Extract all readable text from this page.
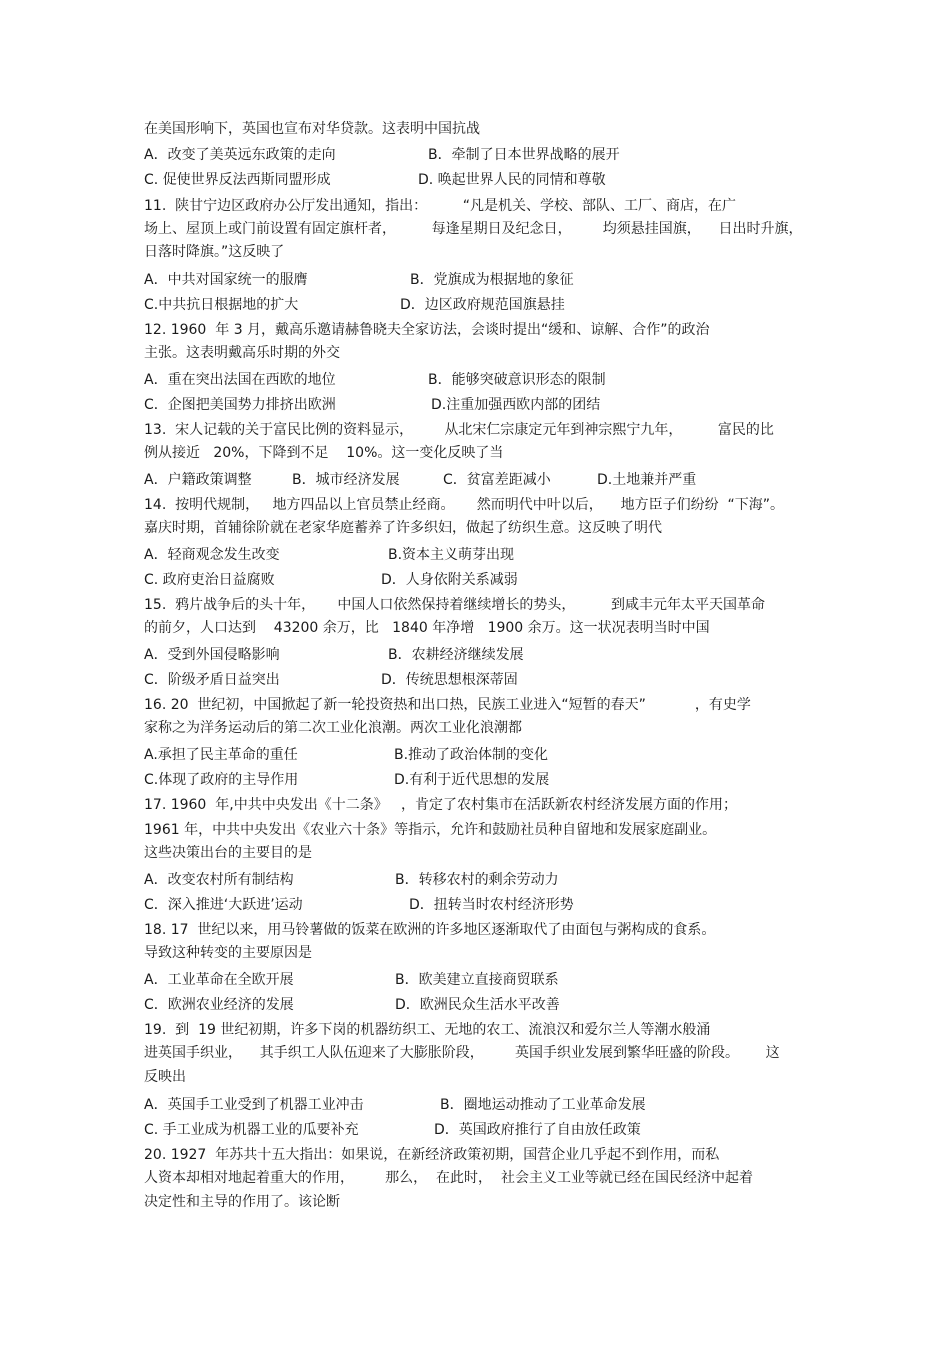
在美国形响下，英国也宣布对华贷款。这表明中国抗战

A．改变了美英远东政策的走向	B．牵制了日本世界战略的展开
C. 促使世界反法西斯同盟形成	D. 唤起世界人民的同情和尊敬

11.  陕甘宁边区政府办公厅发出通知，指出：        “凡是机关、学校、部队、工厂、商店，在广

场上、屋顶上或门前设置有固定旗杆者，        每逢星期日及纪念日，       均须悬挂国旗，    日出时升旗，

日落时降旗。”这反映了

A．中共对国家统一的服膺	B．党旗成为根据地的象征
C.中共抗日根据地的扩大	D．边区政府规范国旗悬挂

12. 1960  年 3 月，戴高乐邀请赫鲁晓夫全家访法，会谈时提出“缓和、谅解、合作”的政治

主张。这表明戴高乐时期的外交

A．重在突出法国在西欧的地位	B．能够突破意识形态的限制
C．企图把美国势力排挤出欧洲	D.注重加强西欧内部的团结

13.  宋人记载的关于富民比例的资料显示，       从北宋仁宗康定元年到神宗熙宁九年，        富民的比

例从接近   20%，下降到不足    10%。这一变化反映了当

A．户籍政策调整	B．城市经济发展	C．贫富差距减小	D.土地兼并严重

14.  按明代规制，   地方四品以上官员禁止经商。     然而明代中叶以后，    地方臣子们纷纷  “下海”。

嘉庆时期，首辅徐阶就在老家华庭蓄养了许多织妇，做起了纺织生意。这反映了明代

A．轻商观念发生改变	B.资本主义萌芽出现
C. 政府吏治日益腐败	D．人身依附关系减弱

15.  鸦片战争后的头十年，     中国人口依然保持着继续增长的势头，        到咸丰元年太平天国革命

的前夕，人口达到    43200 余万，比   1840 年净增   1900 余万。这一状况表明当时中国

A．受到外国侵略影响	B．农耕经济继续发展
C．阶级矛盾日益突出	D．传统思想根深蒂固

16. 20  世纪初，中国掀起了新一轮投资热和出口热，民族工业进入“短暂的春天”           ，有史学

家称之为洋务运动后的第二次工业化浪潮。两次工业化浪潮都

A.承担了民主革命的重任	B.推动了政治体制的变化
C.体现了政府的主导作用	D.有利于近代思想的发展

17. 1960  年,中共中央发出《十二条》   ，肯定了农村集市在活跃新农村经济发展方面的作用；

1961 年，中共中央发出《农业六十条》等指示，允许和鼓励社员种自留地和发展家庭副业。

这些决策出台的主要目的是

A．改变农村所有制结构	B．转移农村的剩余劳动力
C．深入推进‘大跃进’运动	D．扭转当时农村经济形势

18. 17  世纪以来，用马铃薯做的饭菜在欧洲的许多地区逐渐取代了由面包与粥构成的食系。

导致这种转变的主要原因是

A．工业革命在全欧开展	B．欧美建立直接商贸联系
C．欧洲农业经济的发展	D．欧洲民众生活水平改善

19.  到  19 世纪初期，许多下岗的机器纺织工、无地的农工、流浪汉和爱尔兰人等潮水般涌

进英国手织业，    其手织工人队伍迎来了大膨胀阶段，       英国手织业发展到繁华旺盛的阶段。      这

反映出

A．英国手工业受到了机器工业冲击	B．圈地运动推动了工业革命发展
C. 手工业成为机器工业的瓜要补充	D．英国政府推行了自由放任政策

20. 1927  年苏共十五大指出：如果说，在新经济政策初期，国营企业几乎起不到作用，而私

人资本却相对地起着重大的作用，       那么，  在此时，  社会主义工业等就已经在国民经济中起着

决定性和主导的作用了。该论断
